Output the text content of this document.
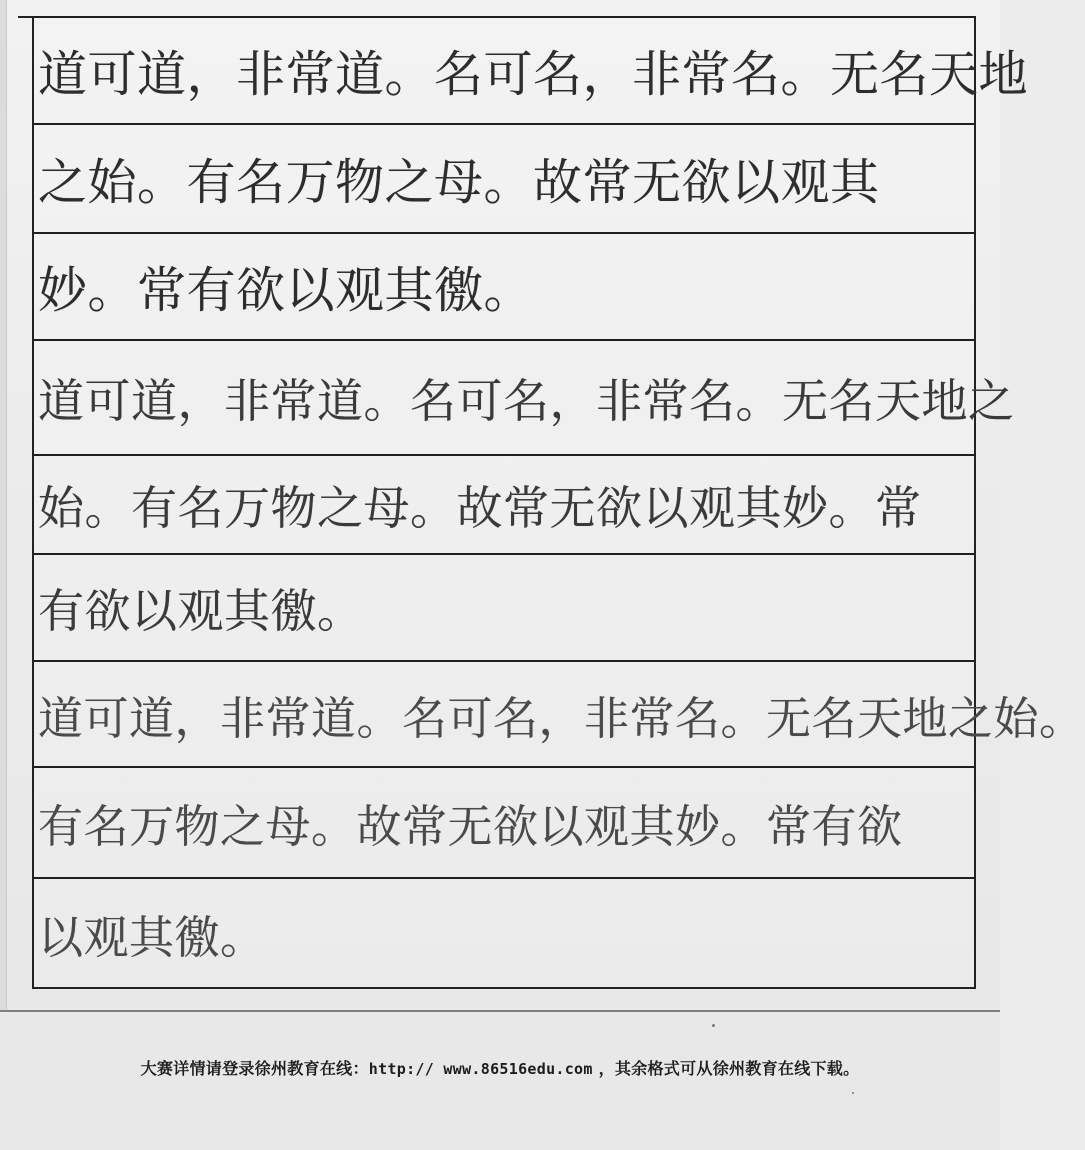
道可道，非常道。名可名，非常名。无名天地
之始。有名万物之母。故常无欲以观其
妙。常有欲以观其徼。
道可道，非常道。名可名，非常名。无名天地之
始。有名万物之母。故常无欲以观其妙。常
有欲以观其徼。
道可道，非常道。名可名，非常名。无名天地之始。
有名万物之母。故常无欲以观其妙。常有欲
以观其徼。
大赛详情请登录徐州教育在线：http:// www.86516edu.com ，其余格式可从徐州教育在线下载。
